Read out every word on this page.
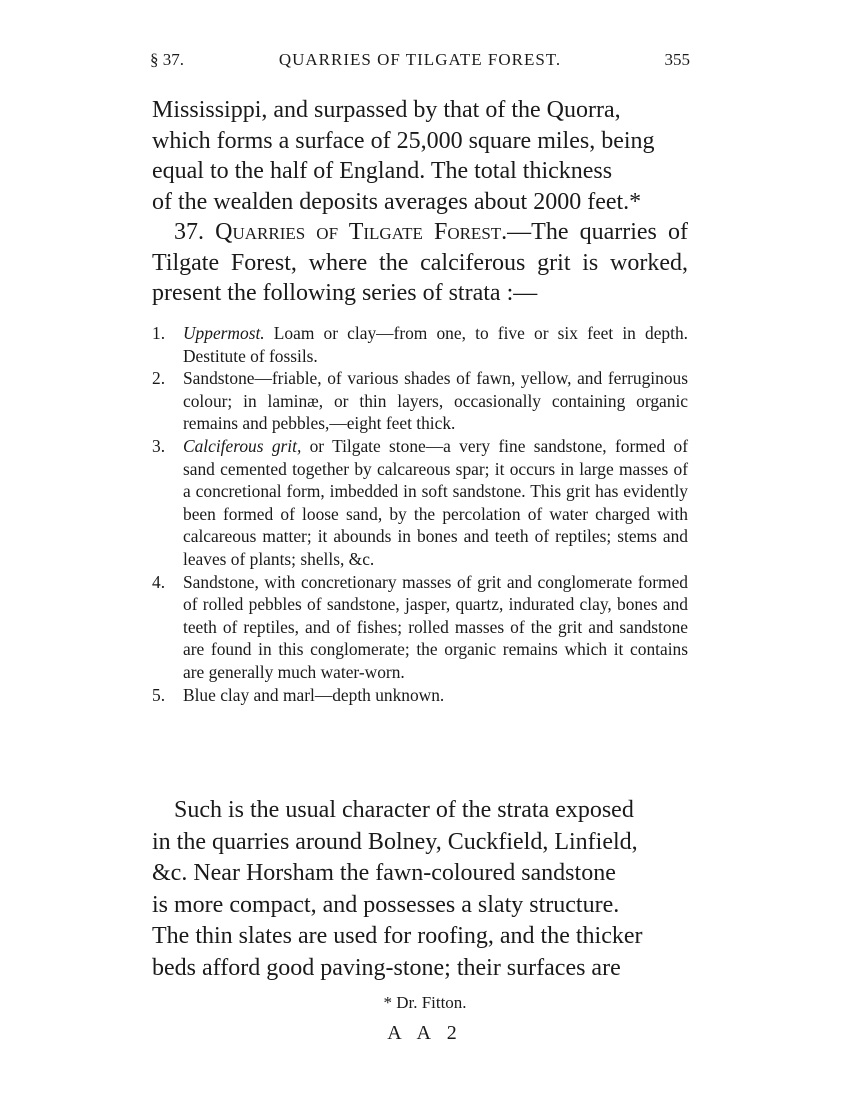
§ 37.	QUARRIES OF TILGATE FOREST.	355
Mississippi, and surpassed by that of the Quorra,
which forms a surface of 25,000 square miles, being
equal to the half of England. The total thickness
of the wealden deposits averages about 2000 feet.*
37. Quarries of Tilgate Forest.—The quarries of Tilgate Forest, where the calciferous grit is worked, present the following series of strata :—
1. Uppermost. Loam or clay—from one, to five or six feet in depth. Destitute of fossils.
2. Sandstone—friable, of various shades of fawn, yellow, and ferruginous colour; in laminæ, or thin layers, occasionally containing organic remains and pebbles,—eight feet thick.
3. Calciferous grit, or Tilgate stone—a very fine sandstone, formed of sand cemented together by calcareous spar; it occurs in large masses of a concretional form, imbedded in soft sandstone. This grit has evidently been formed of loose sand, by the percolation of water charged with calcareous matter; it abounds in bones and teeth of reptiles; stems and leaves of plants; shells, &c.
4. Sandstone, with concretionary masses of grit and conglomerate formed of rolled pebbles of sandstone, jasper, quartz, indurated clay, bones and teeth of reptiles, and of fishes; rolled masses of the grit and sandstone are found in this conglomerate; the organic remains which it contains are generally much water-worn.
5. Blue clay and marl—depth unknown.
Such is the usual character of the strata exposed
in the quarries around Bolney, Cuckfield, Linfield,
&c. Near Horsham the fawn-coloured sandstone
is more compact, and possesses a slaty structure.
The thin slates are used for roofing, and the thicker
beds afford good paving-stone; their surfaces are
* Dr. Fitton.
A A 2
